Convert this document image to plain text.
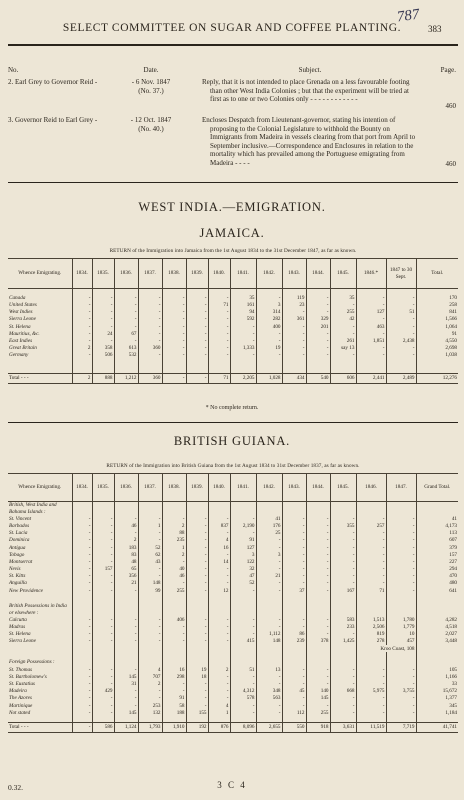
787
383
SELECT COMMITTEE ON SUGAR AND COFFEE PLANTING.
No.	Date.	Subject.	Page.
2. Earl Grey to Governor Reid -	- 6 Nov. 1847
(No. 37.)
Reply, that it is not intended to place Grenada on a less favourable footing than other West India Colonies ; but that the experiment will be tried at first as to one or two Colonies only - - - - - - - - - - - -
460
3. Governor Reid to Earl Grey -	- 12 Oct. 1847
(No. 40.)
Encloses Despatch from Lieutenant-governor, stating his intention of proposing to the Colonial Legislature to withhold the Bounty on Immigrants from Madeira in vessels clearing from that port from April to September inclusive.—Correspondence and Enclosures in relation to the mortality which has prevailed among the Portuguese emigrating from Madeira - - - -	460
WEST INDIA.—EMIGRATION.
JAMAICA.
RETURN of the Immigration into Jamaica from the 1st August 1834 to the 31st December 1847, as far as known.
Whence Emigrating.	1834.	1835.	1836.	1837.	1838.	1839.	1840.	1841.	1842.	1843.	1844.	1845.	1846.*	1847 to 30 Sept.	Total.

Canada	-	-	-	-	-	-	-	35	-	119	-	35	-	-	170
United States	-	-	-	-	-	-	71	161	3	23	-	-	-	-	258
West Indies	-	-	-	-	-	-	-	94	314	-	-	255	127	51	841
Sierra Leone	-	-	-	-	-	-	-	592	282	361	329	42	-	-	1,566
St. Helena	-	-	-	-	-	-	-	-	400	-	201	-	463	-	1,064
Mauritius, &c.	-	24	67	-	-	-	-	-	-	-	-	-	-	-	91
East Indies	-	-	-	-	-	-	-	-	-	-	-	261	1,851	2,438	4,550
Great Britain	2	358	613	360	-	-	-	1,333	19	-	-	say 13	-	-	2,698
Germany	-	506	532	-	-	-	-	-	-	-	-	-	-	-	1,038

Total - - -	2	888	1,212	360	-	-	71	2,205	1,028	434	540	606	2,441	2,489	12,276
* No complete return.
BRITISH GUIANA.
RETURN of the Immigration into British Guiana from the 1st August 1834 to 31st December 1837, as far as known.
Whence Emigrating.	1834.	1835.	1836.	1837.	1838.	1839.	1840.	1841.	1842.	1843.	1844.	1845.	1846.	1847.	Grand Total.
British, West India and Bahama Islands :															
St. Vincent	-	-	-	-	-	-	-	-	41	-	-	-	-	-	41
Barbados	-	-	46	1	2	-	837	2,190	176	-	-	355	257	-	4,173
St. Lucia	-	-	-	-	88	-	-	-	25	-	-	-	-	-	113
Dominica	-	-	2	-	235	-	4	91	-	-	-	-	-	-	607
Antigua	-	-	183	52	1	-	16	127	-	-	-	-	-	-	379
Tobago	-	-	83	62	2	-	-	3	3	-	-	-	-	-	157
Montserrat	-	-	48	43	-	-	14	122	-	-	-	-	-	-	227
Nevis	-	157	65	-	40	-	-	32	-	-	-	-	-	-	294
St. Kitts	-	-	356	-	46	-	-	47	21	-	-	-	-	-	470
Anguilla	-	-	21	148	-	-	-	52	-	-	-	-	-	-	480
New Providence	-	-	-	99	255	-	12	-	-	37	-	167	71	-	641

British Possessions in India or elsewhere :															
Calcutta	-	-	-	-	406	-	-	-	-	-	-	583	1,513	1,780	4,282
Madras	-	-	-	-	-	-	-	-	-	-	-	233	2,506	1,779	4,518
St. Helena	-	-	-	-	-	-	-	-	1,112	86	-	-	819	10	2,027
Sierra Leone	-	-	-	-	-	-	-	415	148	239	378	1,425	278	457	3,448
													Kroo Coast, 108		

Foreign Possessions :															
St. Thomas	-	-	-	4	16	19	2	51	13	-	-	-	-	-	105
St. Bartholomew's	-	-	145	707	298	18	-	-	-	-	-	-	-	-	1,166
St. Eustatius	-	-	31	2	-	-	-	-	-	-	-	-	-	-	33
Madeira	-	429	-	-	-	-	-	4,312	348	45	140	668	5,975	3,755	15,672
The Azores	-	-	-	-	91	-	-	578	563	-	145	-	-	-	1,377
Martinique	-	-	-	253	58	-	4	-	-	-	-	-	-	-	345
Not stated	-	-	145	132	188	155	1	-	-	112	255	-	-	-	1,184

Total - - -	-	586	1,124	1,793	1,910	192	876	8,096	2,655	550	918	3,631	11,519	7,719	41,741
0.32.	3 C 4
